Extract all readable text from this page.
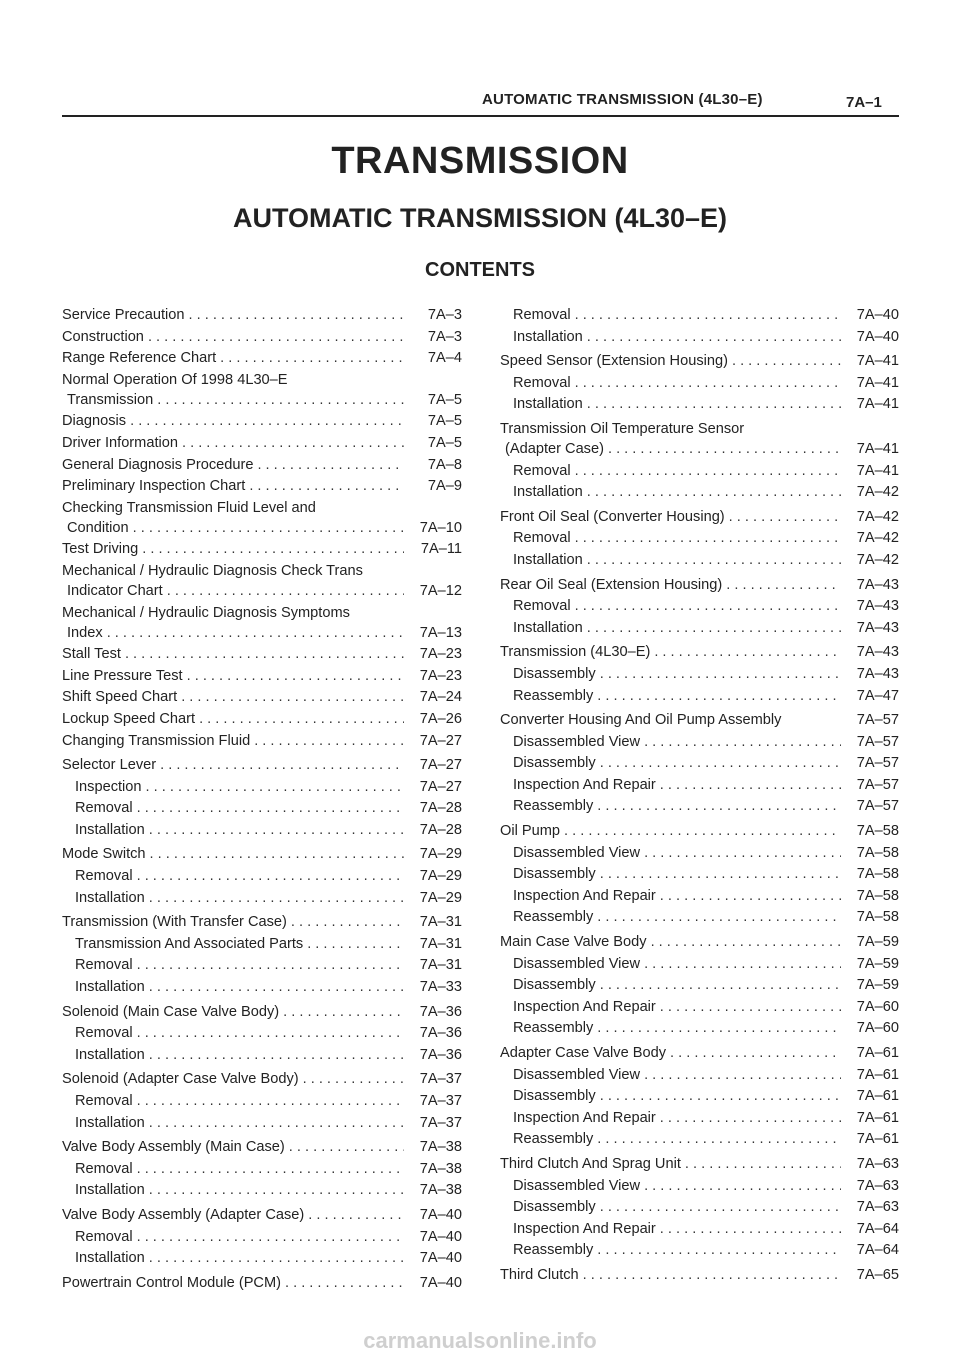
AUTOMATIC TRANSMISSION (4L30–E)	7A–1
TRANSMISSION
AUTOMATIC TRANSMISSION (4L30–E)
CONTENTS
Service Precaution . . .	7A–3
Construction . . .	7A–3
Range Reference Chart . . .	7A–4
Normal Operation Of 1998 4L30–E
Transmission . . .	7A–5
Diagnosis . . .	7A–5
Driver Information . . .	7A–5
General Diagnosis Procedure . . .	7A–8
Preliminary Inspection Chart . . .	7A–9
Checking Transmission Fluid Level and
Condition . . .	7A–10
Test Driving . . .	7A–11
Mechanical / Hydraulic Diagnosis Check Trans
Indicator Chart . . .	7A–12
Mechanical / Hydraulic Diagnosis Symptoms
Index . . .	7A–13
Stall Test . . .	7A–23
Line Pressure Test . . .	7A–23
Shift Speed Chart . . .	7A–24
Lockup Speed Chart . . .	7A–26
Changing Transmission Fluid . . .	7A–27
Selector Lever . . .	7A–27
Inspection . . .	7A–27
Removal . . .	7A–28
Installation . . .	7A–28
Mode Switch . . .	7A–29
Removal . . .	7A–29
Installation . . .	7A–29
Transmission (With Transfer Case) . . .	7A–31
Transmission And Associated Parts . . .	7A–31
Removal . . .	7A–31
Installation . . .	7A–33
Solenoid (Main Case Valve Body) . . .	7A–36
Removal . . .	7A–36
Installation . . .	7A–36
Solenoid (Adapter Case Valve Body) . . .	7A–37
Removal . . .	7A–37
Installation . . .	7A–37
Valve Body Assembly (Main Case) . . .	7A–38
Removal . . .	7A–38
Installation . . .	7A–38
Valve Body Assembly (Adapter Case) . . .	7A–40
Removal . . .	7A–40
Installation . . .	7A–40
Powertrain Control Module (PCM) . . .	7A–40
Removal . . .	7A–40
Installation . . .	7A–40
Speed Sensor (Extension Housing) . . .	7A–41
Removal . . .	7A–41
Installation . . .	7A–41
Transmission Oil Temperature Sensor
(Adapter Case) . . .	7A–41
Removal . . .	7A–41
Installation . . .	7A–42
Front Oil Seal (Converter Housing) . . .	7A–42
Removal . . .	7A–42
Installation . . .	7A–42
Rear Oil Seal (Extension Housing) . . .	7A–43
Removal . . .	7A–43
Installation . . .	7A–43
Transmission (4L30–E) . . .	7A–43
Disassembly . . .	7A–43
Reassembly . . .	7A–47
Converter Housing And Oil Pump Assembly	7A–57
Disassembled View . . .	7A–57
Disassembly . . .	7A–57
Inspection And Repair . . .	7A–57
Reassembly . . .	7A–57
Oil Pump . . .	7A–58
Disassembled View . . .	7A–58
Disassembly . . .	7A–58
Inspection And Repair . . .	7A–58
Reassembly . . .	7A–58
Main Case Valve Body . . .	7A–59
Disassembled View . . .	7A–59
Disassembly . . .	7A–59
Inspection And Repair . . .	7A–60
Reassembly . . .	7A–60
Adapter Case Valve Body . . .	7A–61
Disassembled View . . .	7A–61
Disassembly . . .	7A–61
Inspection And Repair . . .	7A–61
Reassembly . . .	7A–61
Third Clutch And Sprag Unit . . .	7A–63
Disassembled View . . .	7A–63
Disassembly . . .	7A–63
Inspection And Repair . . .	7A–64
Reassembly . . .	7A–64
Third Clutch . . .	7A–65
carmanualsonline.info
